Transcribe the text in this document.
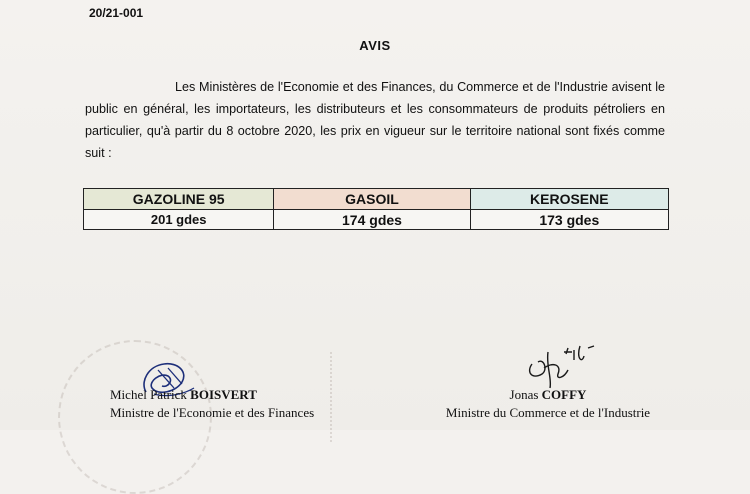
20/21-001
AVIS
Les Ministères de l'Economie et des Finances, du Commerce et de l'Industrie avisent le public en général, les importateurs, les distributeurs et les consommateurs de produits pétroliers en particulier, qu'à partir du 8 octobre 2020, les prix en vigueur sur le territoire national sont fixés comme suit :
GAZOLINE 95	GASOIL	KEROSENE
201 gdes	174 gdes	173 gdes
Michel Patrick BOISVERT
Ministre de l'Economie et des Finances
Jonas COFFY
Ministre du Commerce et de l'Industrie
